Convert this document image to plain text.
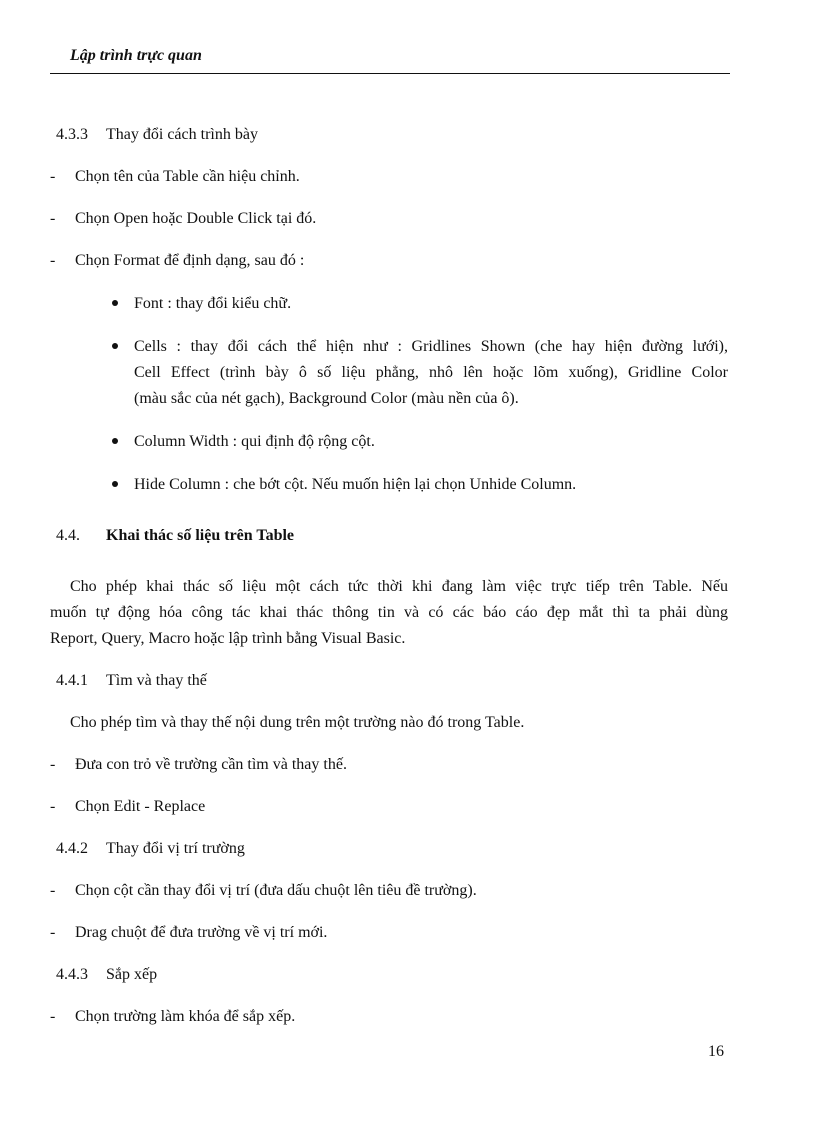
Lập trình trực quan
4.3.3 Thay đổi cách trình bày
- Chọn tên của Table cần hiệu chỉnh.
- Chọn Open hoặc Double Click tại đó.
- Chọn Format để định dạng, sau đó :
Font : thay đổi kiểu chữ.
Cells : thay đổi cách thể hiện như : Gridlines Shown (che hay hiện đường lưới),
Cell Effect (trình bày ô số liệu phẳng, nhô lên hoặc lõm xuống), Gridline Color
(màu sắc của nét gạch), Background Color (màu nền của ô).
Column Width : qui định độ rộng cột.
Hide Column : che bớt cột. Nếu muốn hiện lại chọn Unhide Column.
4.4. Khai thác số liệu trên Table
Cho phép khai thác số liệu một cách tức thời khi đang làm việc trực tiếp trên Table. Nếu
muốn tự động hóa công tác khai thác thông tin và có các báo cáo đẹp mắt thì ta phải dùng
Report, Query, Macro hoặc lập trình bằng Visual Basic.
4.4.1 Tìm và thay thế
Cho phép tìm và thay thế nội dung trên một trường nào đó trong Table.
- Đưa con trỏ về trường cần tìm và thay thế.
- Chọn Edit - Replace
4.4.2 Thay đổi vị trí trường
- Chọn cột cần thay đổi vị trí (đưa dấu chuột lên tiêu đề trường).
- Drag chuột để đưa trường về vị trí mới.
4.4.3 Sắp xếp
- Chọn trường làm khóa để sắp xếp.
16
